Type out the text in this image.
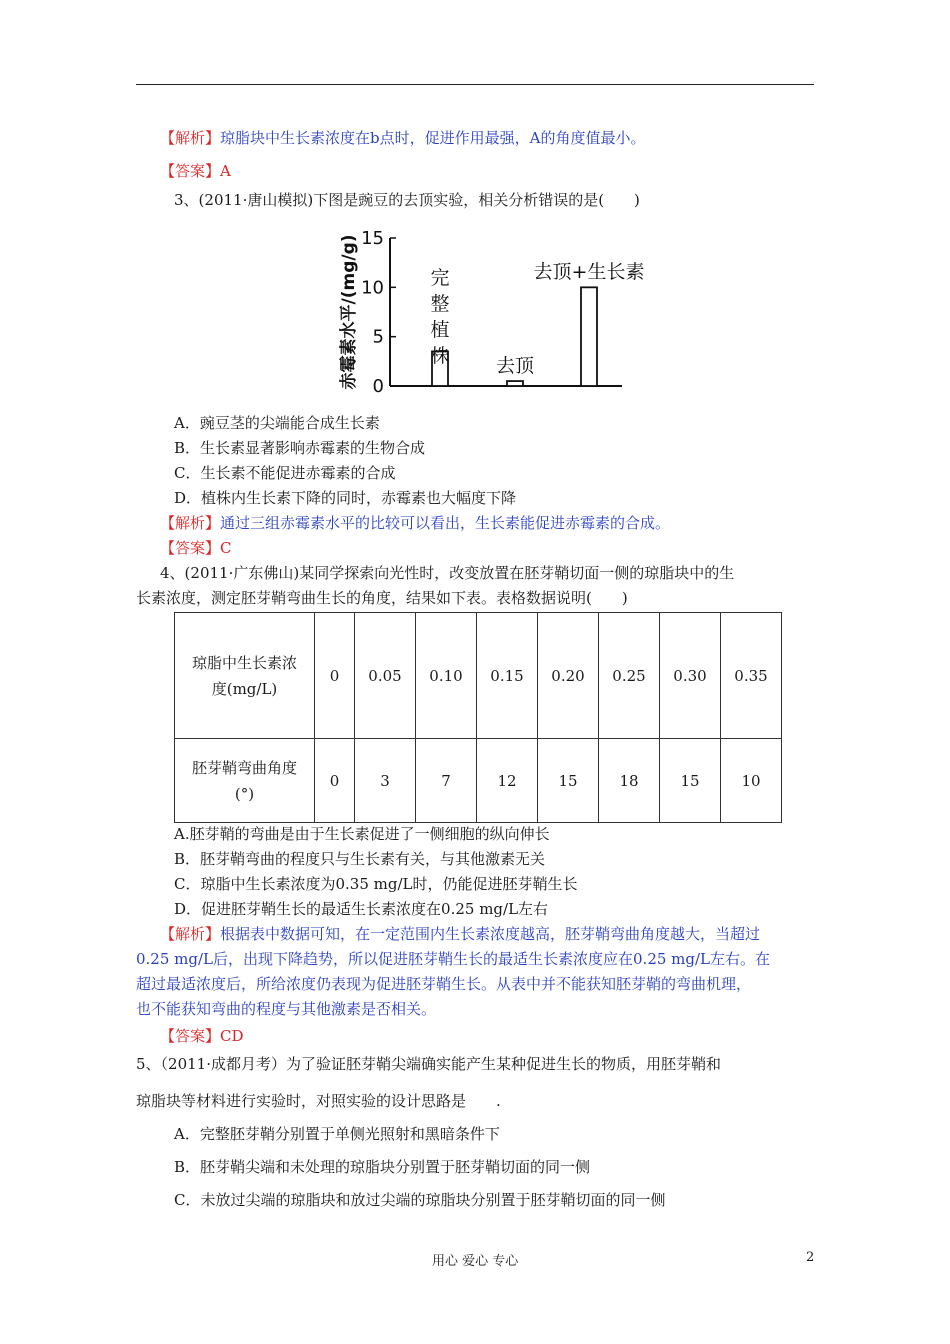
【解析】琼脂块中生长素浓度在b点时，促进作用最强，A的角度值最小。
【答案】A
3、(2011·唐山模拟)下图是豌豆的去顶实验，相关分析错误的是(　　)
0
5
10
15
赤霉素水平/(mg/g)	完
整
植
株 去顶
去顶+生长素
A．豌豆茎的尖端能合成生长素
B．生长素显著影响赤霉素的生物合成
C．生长素不能促进赤霉素的合成
D．植株内生长素下降的同时，赤霉素也大幅度下降
【解析】通过三组赤霉素水平的比较可以看出，生长素能促进赤霉素的合成。
【答案】C
4、(2011·广东佛山)某同学探索向光性时，改变放置在胚芽鞘切面一侧的琼脂块中的生
长素浓度，测定胚芽鞘弯曲生长的角度，结果如下表。表格数据说明(　　)
琼脂中生长素浓
度(mg/L)	0	0.05	0.10	0.15	0.20	0.25	0.30	0.35
胚芽鞘弯曲角度
(°)	0	3	7	12	15	18	15	10
A.胚芽鞘的弯曲是由于生长素促进了一侧细胞的纵向伸长
B．胚芽鞘弯曲的程度只与生长素有关，与其他激素无关
C．琼脂中生长素浓度为0.35 mg/L时，仍能促进胚芽鞘生长
D．促进胚芽鞘生长的最适生长素浓度在0.25 mg/L左右
【解析】根据表中数据可知，在一定范围内生长素浓度越高，胚芽鞘弯曲角度越大，当超过
0.25 mg/L后，出现下降趋势，所以促进胚芽鞘生长的最适生长素浓度应在0.25 mg/L左右。在
超过最适浓度后，所给浓度仍表现为促进胚芽鞘生长。从表中并不能获知胚芽鞘的弯曲机理，
也不能获知弯曲的程度与其他激素是否相关。
【答案】CD
5、（2011·成都月考）为了验证胚芽鞘尖端确实能产生某种促进生长的物质，用胚芽鞘和
琼脂块等材料进行实验时，对照实验的设计思路是 .
A．完整胚芽鞘分别置于单侧光照射和黑暗条件下
B．胚芽鞘尖端和未处理的琼脂块分别置于胚芽鞘切面的同一侧
C．未放过尖端的琼脂块和放过尖端的琼脂块分别置于胚芽鞘切面的同一侧
用心 爱心 专心	2
